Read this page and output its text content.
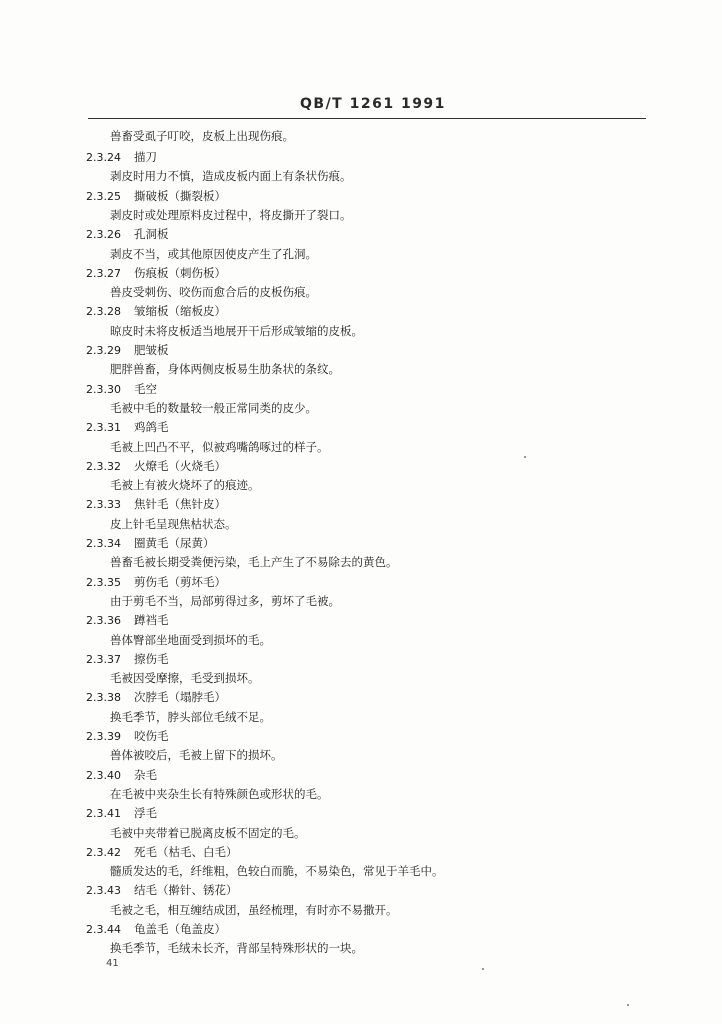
QB/T 1261 1991
兽畜受虱子叮咬，皮板上出现伤痕。
2.3.24 描刀
剥皮时用力不慎，造成皮板内面上有条状伤痕。
2.3.25 撕破板（撕裂板）
剥皮时或处理原料皮过程中，将皮撕开了裂口。
2.3.26 孔洞板
剥皮不当，或其他原因使皮产生了孔洞。
2.3.27 伤痕板（刺伤板）
兽皮受刺伤、咬伤而愈合后的皮板伤痕。
2.3.28 皱缩板（缩板皮）
晾皮时未将皮板适当地展开干后形成皱缩的皮板。
2.3.29 肥皱板
肥胖兽畜，身体两侧皮板易生肋条状的条纹。
2.3.30 毛空
毛被中毛的数量较一般正常同类的皮少。
2.3.31 鸡鸽毛
毛被上凹凸不平，似被鸡嘴鸽啄过的样子。
2.3.32 火燎毛（火烧毛）
毛被上有被火烧坏了的痕迹。
2.3.33 焦针毛（焦针皮）
皮上针毛呈现焦枯状态。
2.3.34 圈黄毛（尿黄）
兽畜毛被长期受粪便污染，毛上产生了不易除去的黄色。
2.3.35 剪伤毛（剪坏毛）
由于剪毛不当，局部剪得过多，剪坏了毛被。
2.3.36 蹲裆毛
兽体臀部坐地面受到损坏的毛。
2.3.37 擦伤毛
毛被因受摩擦，毛受到损坏。
2.3.38 次脖毛（塌脖毛）
换毛季节，脖头部位毛绒不足。
2.3.39 咬伤毛
兽体被咬后，毛被上留下的损坏。
2.3.40 杂毛
在毛被中夹杂生长有特殊颜色或形状的毛。
2.3.41 浮毛
毛被中夹带着已脱离皮板不固定的毛。
2.3.42 死毛（枯毛、白毛）
髓质发达的毛，纤维粗，色较白而脆，不易染色，常见于羊毛中。
2.3.43 结毛（擀针、锈花）
毛被之毛，相互缠结成团，虽经梳理，有时亦不易撒开。
2.3.44 龟盖毛（龟盖皮）
换毛季节，毛绒未长齐，背部呈特殊形状的一块。
41
